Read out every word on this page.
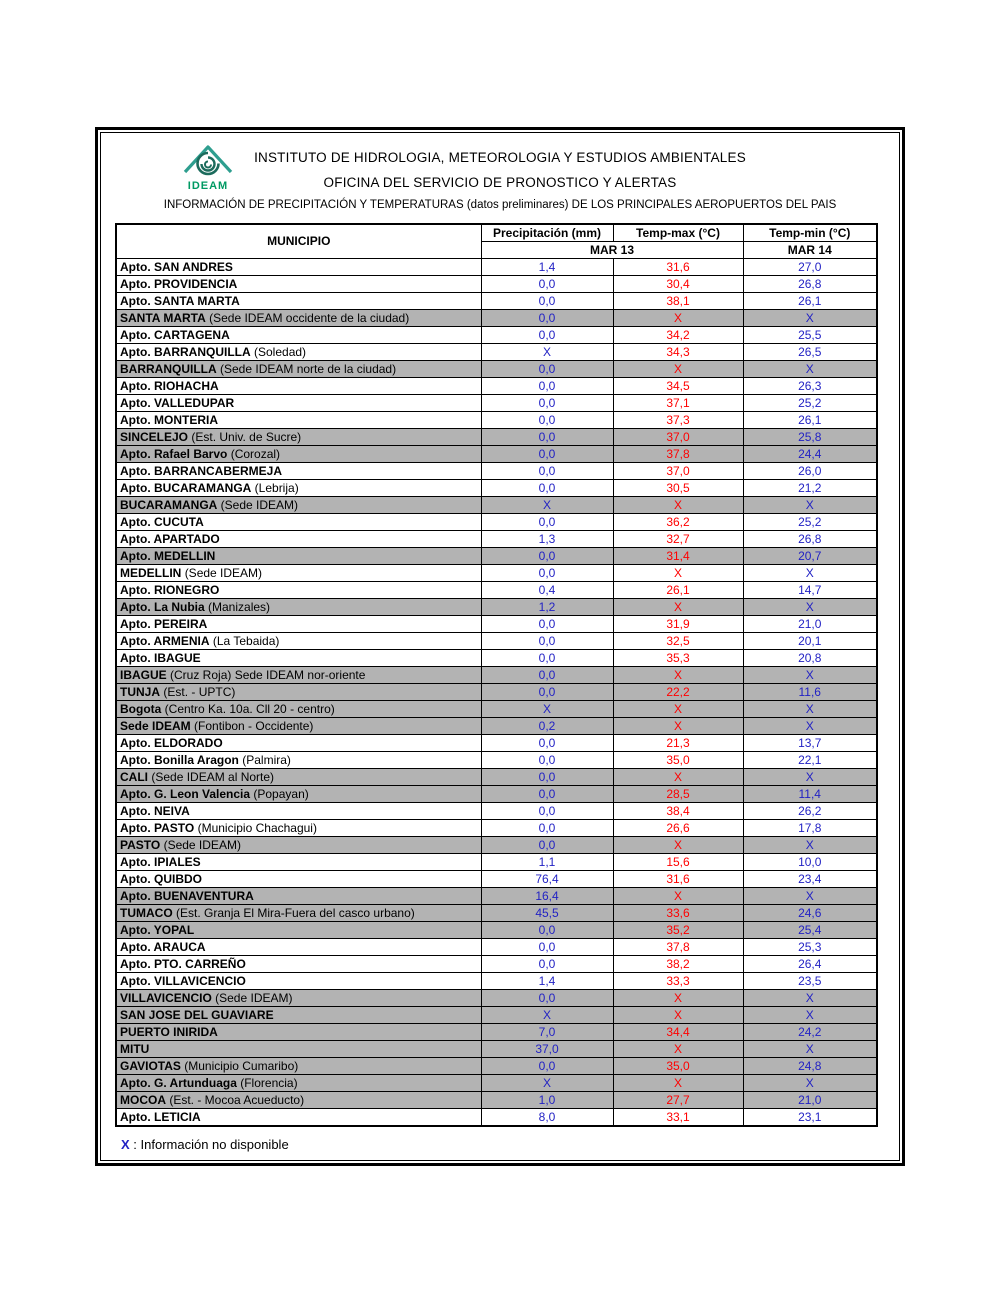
IDEAM
INSTITUTO DE HIDROLOGIA, METEOROLOGIA Y ESTUDIOS AMBIENTALES
OFICINA DEL SERVICIO DE PRONOSTICO Y ALERTAS
INFORMACIÓN DE PRECIPITACIÓN Y TEMPERATURAS (datos preliminares) DE LOS PRINCIPALES AEROPUERTOS DEL PAIS
MUNICIPIO	Precipitación (mm)	Temp-max (°C)	Temp-min (°C)
	MAR 13		MAR 14
Apto. SAN ANDRES	1,4	31,6	27,0
Apto. PROVIDENCIA	0,0	30,4	26,8
Apto. SANTA MARTA	0,0	38,1	26,1
SANTA MARTA (Sede IDEAM occidente de la ciudad)	0,0	X	X
Apto. CARTAGENA	0,0	34,2	25,5
Apto. BARRANQUILLA (Soledad)	X	34,3	26,5
BARRANQUILLA (Sede IDEAM norte de la ciudad)	0,0	X	X
Apto. RIOHACHA	0,0	34,5	26,3
Apto. VALLEDUPAR	0,0	37,1	25,2
Apto. MONTERIA	0,0	37,3	26,1
SINCELEJO (Est. Univ. de Sucre)	0,0	37,0	25,8
Apto. Rafael Barvo (Corozal)	0,0	37,8	24,4
Apto. BARRANCABERMEJA	0,0	37,0	26,0
Apto. BUCARAMANGA (Lebrija)	0,0	30,5	21,2
BUCARAMANGA (Sede IDEAM)	X	X	X
Apto. CUCUTA	0,0	36,2	25,2
Apto. APARTADO	1,3	32,7	26,8
Apto. MEDELLIN	0,0	31,4	20,7
MEDELLIN (Sede IDEAM)	0,0	X	X
Apto. RIONEGRO	0,4	26,1	14,7
Apto. La Nubia (Manizales)	1,2	X	X
Apto. PEREIRA	0,0	31,9	21,0
Apto. ARMENIA (La Tebaida)	0,0	32,5	20,1
Apto. IBAGUE	0,0	35,3	20,8
IBAGUE (Cruz Roja) Sede IDEAM nor-oriente	0,0	X	X
TUNJA (Est. - UPTC)	0,0	22,2	11,6
Bogota (Centro Ka. 10a. Cll 20 - centro)	X	X	X
Sede IDEAM (Fontibon - Occidente)	0,2	X	X
Apto. ELDORADO	0,0	21,3	13,7
Apto. Bonilla Aragon (Palmira)	0,0	35,0	22,1
CALI (Sede IDEAM al Norte)	0,0	X	X
Apto. G. Leon Valencia (Popayan)	0,0	28,5	11,4
Apto. NEIVA	0,0	38,4	26,2
Apto. PASTO (Municipio Chachagui)	0,0	26,6	17,8
PASTO (Sede IDEAM)	0,0	X	X
Apto. IPIALES	1,1	15,6	10,0
Apto. QUIBDO	76,4	31,6	23,4
Apto. BUENAVENTURA	16,4	X	X
TUMACO (Est. Granja El Mira-Fuera del casco urbano)	45,5	33,6	24,6
Apto. YOPAL	0,0	35,2	25,4
Apto. ARAUCA	0,0	37,8	25,3
Apto. PTO. CARREÑO	0,0	38,2	26,4
Apto. VILLAVICENCIO	1,4	33,3	23,5
VILLAVICENCIO (Sede IDEAM)	0,0	X	X
SAN JOSE DEL GUAVIARE	X	X	X
PUERTO INIRIDA	7,0	34,4	24,2
MITU	37,0	X	X
GAVIOTAS (Municipio Cumaribo)	0,0	35,0	24,8
Apto. G. Artunduaga (Florencia)	X	X	X
MOCOA (Est. - Mocoa Acueducto)	1,0	27,7	21,0
Apto. LETICIA	8,0	33,1	23,1
X : Información no disponible
